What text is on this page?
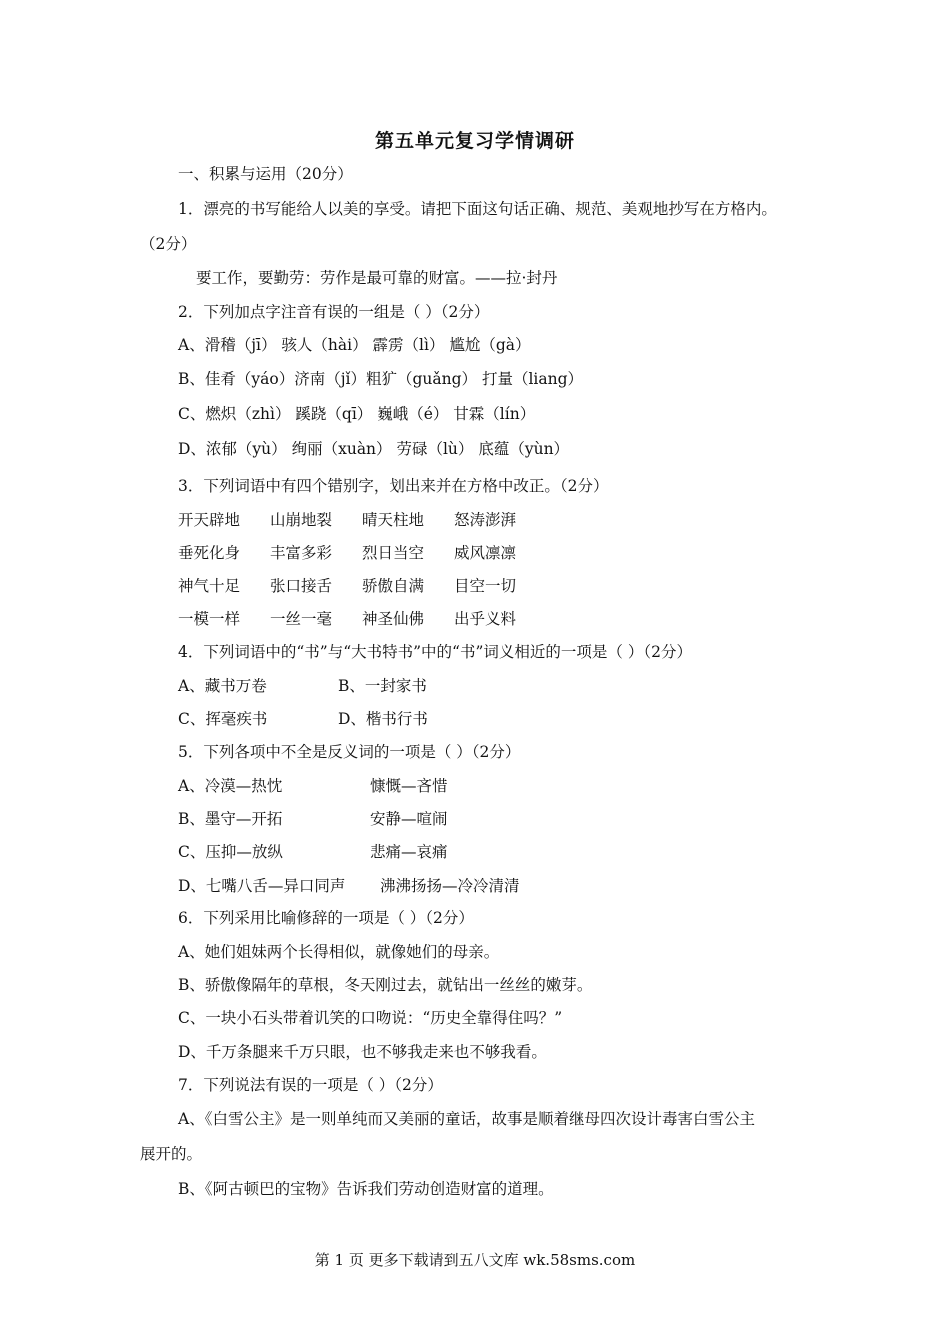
第五单元复习学情调研
一、积累与运用（20分）
1．漂亮的书写能给人以美的享受。请把下面这句话正确、规范、美观地抄写在方格内。
（2分）
要工作，要勤劳：劳作是最可靠的财富。——拉·封丹
2．下列加点字注音有误的一组是（ ）（2分）
A、滑稽（jī） 骇人（hài） 霹雳（lì） 尴尬（gà）
B、佳肴（yáo）济南（jǐ）粗犷（guǎng） 打量（liang）
C、燃炽（zhì） 蹊跷（qī） 巍峨（é） 甘霖（lín）
D、浓郁（yù） 绚丽（xuàn） 劳碌（lù） 底蕴（yùn）
3．下列词语中有四个错别字，划出来并在方格中改正。（2分）
开天辟地 山崩地裂 晴天柱地 怒涛澎湃
垂死化身 丰富多彩 烈日当空 威风凛凛
神气十足 张口接舌 骄傲自满 目空一切
一模一样 一丝一毫 神圣仙佛 出乎义料
4．下列词语中的“书”与“大书特书”中的“书”词义相近的一项是（ ）（2分）
A、藏书万卷	B、一封家书
C、挥毫疾书	D、楷书行书
5．下列各项中不全是反义词的一项是（ ）（2分）
A、冷漠—热忱	慷慨—吝惜
B、墨守—开拓	安静—喧闹
C、压抑—放纵	悲痛—哀痛
D、七嘴八舌—异口同声 沸沸扬扬—冷冷清清
6．下列采用比喻修辞的一项是（ ）（2分）
A、她们姐妹两个长得相似，就像她们的母亲。
B、骄傲像隔年的草根，冬天刚过去，就钻出一丝丝的嫩芽。
C、一块小石头带着讥笑的口吻说：“历史全靠得住吗？”
D、千万条腿来千万只眼，也不够我走来也不够我看。
7．下列说法有误的一项是（ ）（2分）
A、《白雪公主》是一则单纯而又美丽的童话，故事是顺着继母四次设计毒害白雪公主
展开的。
B、《阿古顿巴的宝物》告诉我们劳动创造财富的道理。
第 1 页 更多下载请到五八文库 wk.58sms.com
